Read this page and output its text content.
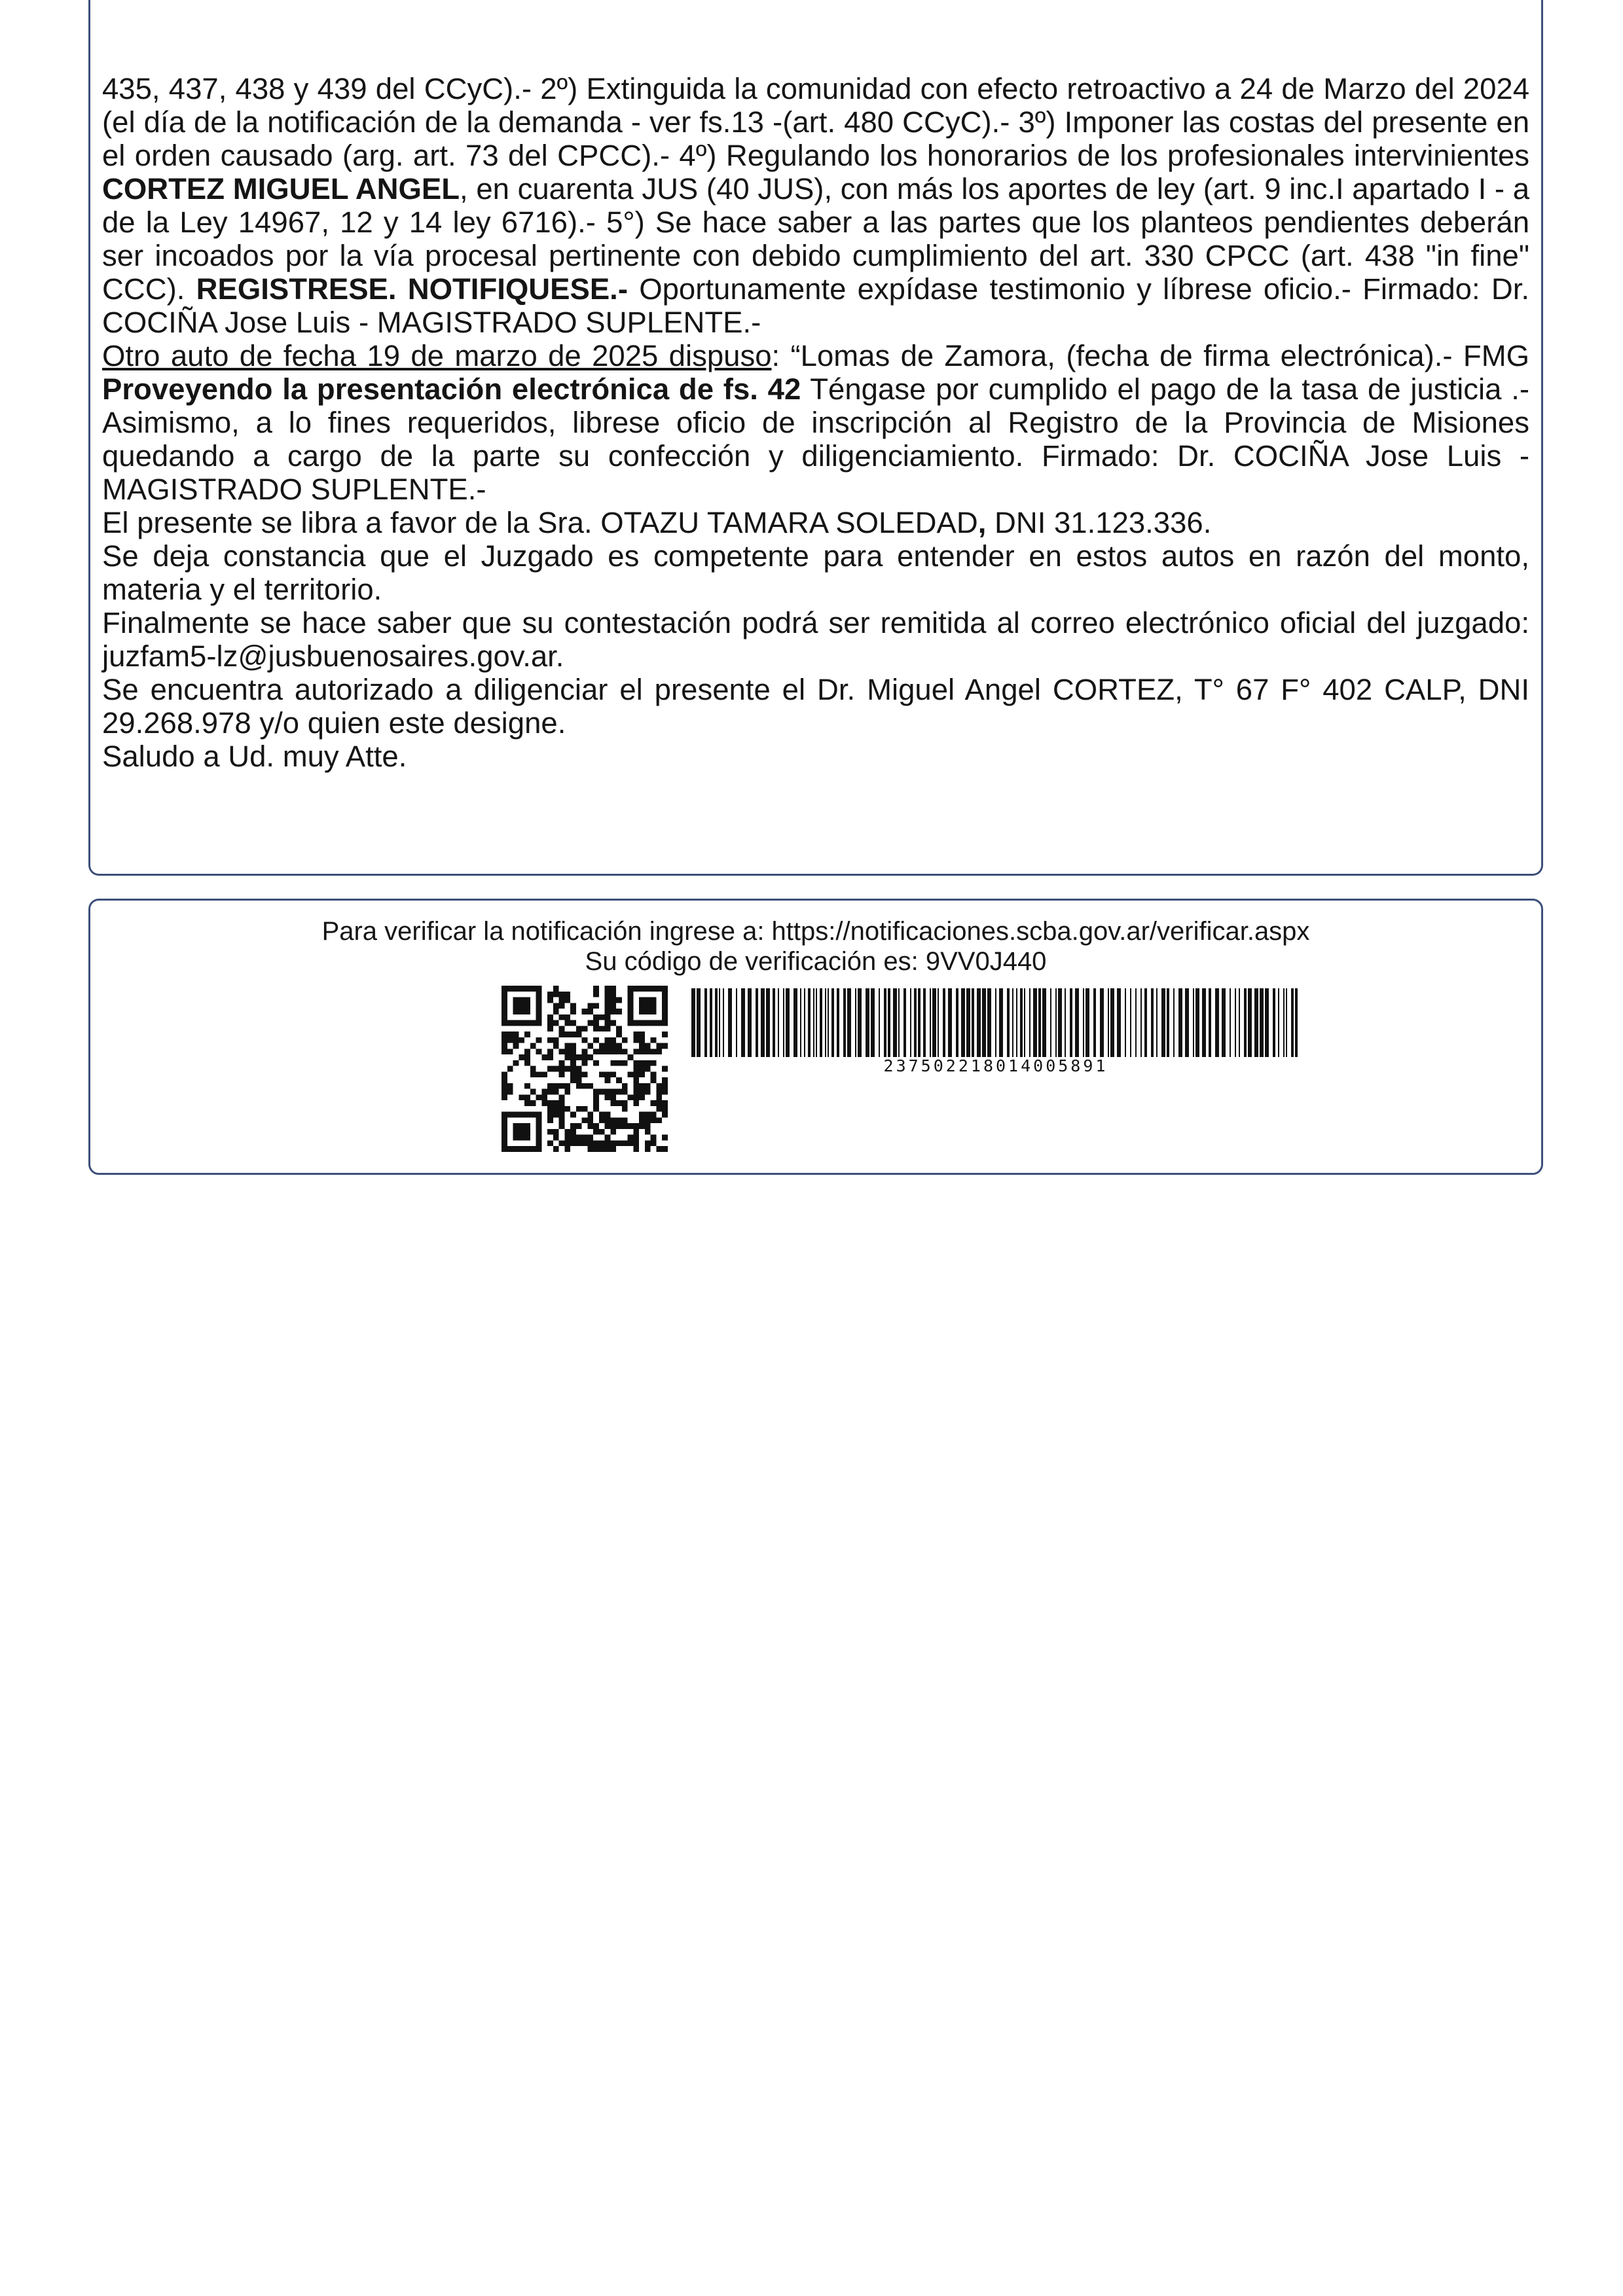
435, 437, 438 y 439 del CCyC).- 2º) Extinguida la comunidad con efecto retroactivo a 24 de Marzo del 2024 (el día de la notificación de la demanda - ver fs.13 -(art. 480 CCyC).- 3º) Imponer las costas del presente en el orden causado (arg. art. 73 del CPCC).- 4º) Regulando los honorarios de los profesionales intervinientes CORTEZ MIGUEL ANGEL, en cuarenta JUS (40 JUS), con más los aportes de ley (art. 9 inc.I apartado I - a de la Ley 14967, 12 y 14 ley 6716).- 5°) Se hace saber a las partes que los planteos pendientes deberán ser incoados por la vía procesal pertinente con debido cumplimiento del art. 330 CPCC (art. 438 "in fine" CCC). REGISTRESE. NOTIFIQUESE.- Oportunamente expídase testimonio y líbrese oficio.- Firmado: Dr. COCIÑA Jose Luis - MAGISTRADO SUPLENTE.-

Otro auto de fecha 19 de marzo de 2025 dispuso: “Lomas de Zamora, (fecha de firma electrónica).- FMG Proveyendo la presentación electrónica de fs. 42 Téngase por cumplido el pago de la tasa de justicia .- Asimismo, a lo fines requeridos, librese oficio de inscripción al Registro de la Provincia de Misiones quedando a cargo de la parte su confección y diligenciamiento. Firmado: Dr. COCIÑA Jose Luis - MAGISTRADO SUPLENTE.-

El presente se libra a favor de la Sra. OTAZU TAMARA SOLEDAD, DNI 31.123.336.

Se deja constancia que el Juzgado es competente para entender en estos autos en razón del monto, materia y el territorio.

Finalmente se hace saber que su contestación podrá ser remitida al correo electrónico oficial del juzgado: juzfam5-lz@jusbuenosaires.gov.ar.

Se encuentra autorizado a diligenciar el presente el Dr. Miguel Angel CORTEZ, T° 67 F° 402 CALP, DNI 29.268.978 y/o quien este designe.

Saludo a Ud. muy Atte.

Para verificar la notificación ingrese a: https://notificaciones.scba.gov.ar/verificar.aspx
Su código de verificación es: 9VV0J440
237502218014005891
